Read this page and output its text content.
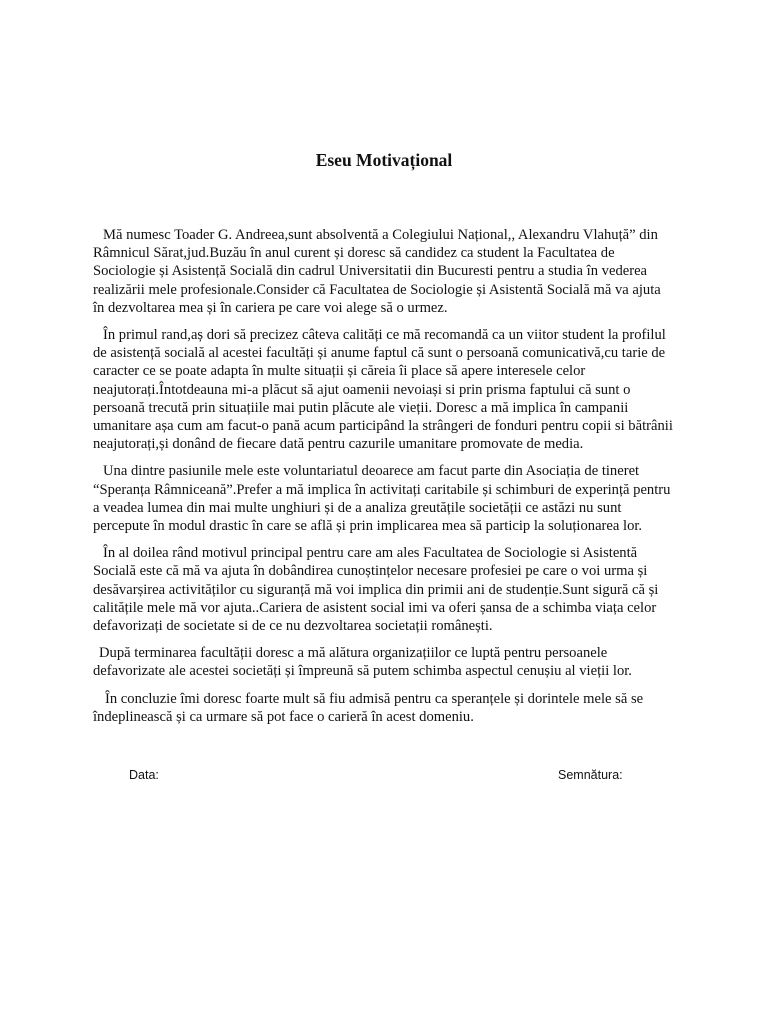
Eseu Motivațional

Mă numesc Toader G. Andreea,sunt absolventă a Colegiului Național,, Alexandru Vlahuță” din Râmnicul Sărat,jud.Buzău în anul curent și doresc să candidez ca student la Facultatea de Sociologie și Asistență Socială din cadrul Universitatii din Bucuresti pentru a studia în vederea realizării mele profesionale.Consider că Facultatea de Sociologie și Asistentă Socială mă va ajuta în dezvoltarea mea și în cariera pe care voi alege să o urmez.

În primul rand,aș dori să precizez câteva calități ce mă recomandă ca un viitor student la profilul de asistență socială al acestei facultăți și anume faptul că sunt o persoană comunicativă,cu tarie de caracter ce se poate adapta în multe situații și căreia îi place să apere interesele celor neajutorați.Întotdeauna mi-a plăcut să ajut oamenii nevoiași si prin prisma faptului că sunt o persoană trecută prin situațiile mai putin plăcute ale vieții. Doresc a mă implica în campanii umanitare așa cum am facut-o pană acum participând la strângeri de fonduri pentru copii si bătrânii neajutorați,și donând de fiecare dată pentru cazurile umanitare promovate de media.

Una dintre pasiunile mele este voluntariatul deoarece am facut parte din Asociația de tineret “Speranța Râmniceană”.Prefer a mă implica în activitați caritabile și schimburi de experință pentru a veadea lumea din mai multe unghiuri și de a analiza greutățile societății ce astăzi nu sunt percepute în modul drastic în care se află și prin implicarea mea să particip la soluționarea lor.

În al doilea rând motivul principal pentru care am ales Facultatea de Sociologie si Asistentă Socială este că mă va ajuta în dobândirea cunoștințelor necesare profesiei pe care o voi urma și desăvarșirea activităților cu siguranță mă voi implica din primii ani de studenție.Sunt sigură că și calitățile mele mă vor ajuta..Cariera de asistent social imi va oferi șansa de a schimba viața celor defavorizați de societate si de ce nu dezvoltarea societații românești.

După terminarea facultății doresc a mă alătura organizațiilor ce luptă pentru persoanele defavorizate ale acestei societăți și împreună să putem schimba aspectul cenușiu al vieții lor.

În concluzie îmi doresc foarte mult să fiu admisă pentru ca speranțele și dorintele mele să se îndeplinească și ca urmare să pot face o carieră în acest domeniu.

Data:	Semnătura:
